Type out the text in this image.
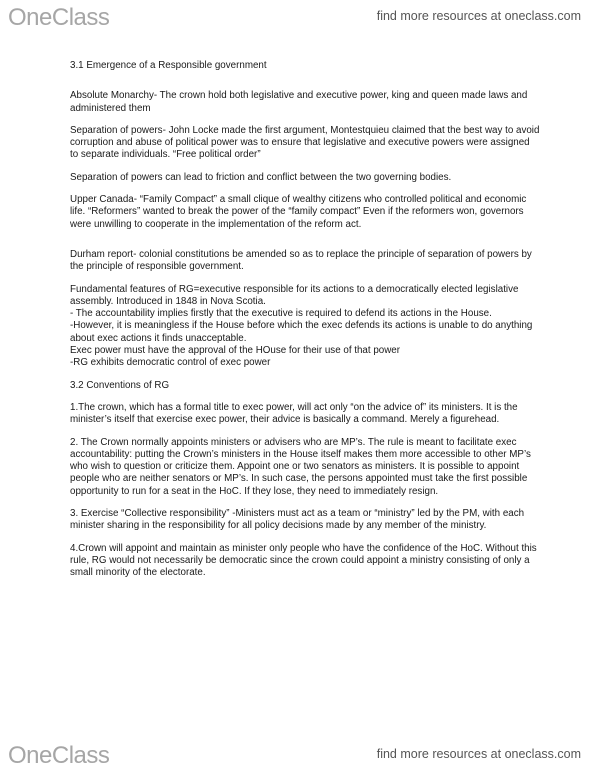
OneClass	find more resources at oneclass.com

3.1 Emergence of a Responsible government

Absolute Monarchy- The crown hold both legislative and executive power, king and queen made laws and administered them

Separation of powers- John Locke made the first argument, Montestquieu claimed that the best way to avoid corruption and abuse of political power was to ensure that legislative and executive powers were assigned to separate individuals. “Free political order”

Separation of powers can lead to friction and conflict between the two governing bodies.

Upper Canada- “Family Compact” a small clique of wealthy citizens who controlled political and economic life. “Reformers” wanted to break the power of the “family compact” Even if the reformers won, governors were unwilling to cooperate in the implementation of the reform act.

Durham report- colonial constitutions be amended so as to replace the principle of separation of powers by the principle of responsible government.

Fundamental features of RG=executive responsible for its actions to a democratically elected legislative assembly. Introduced in 1848 in Nova Scotia.

- The accountability implies firstly that the executive is required to defend its actions in the House.

-However, it is meaningless if the House before which the exec defends its actions is unable to do anything about exec actions it finds unacceptable.

Exec power must have the approval of the HOuse for their use of that power

-RG exhibits democratic control of exec power

3.2 Conventions of RG

1.The crown, which has a formal title to exec power, will act only “on the advice of” its ministers. It is the minister’s itself that exercise exec power, their advice is basically a command. Merely a figurehead.

2. The Crown normally appoints ministers or advisers who are MP’s. The rule is meant to facilitate exec accountability: putting the Crown’s ministers in the House itself makes them more accessible to other MP’s who wish to question or criticize them. Appoint one or two senators as ministers. It is possible to appoint people who are neither senators or MP’s. In such case, the persons appointed must take the first possible opportunity to run for a seat in the HoC. If they lose, they need to immediately resign.

3. Exercise “Collective responsibility” -Ministers must act as a team or “ministry” led by the PM, with each minister sharing in the responsibility for all policy decisions made by any member of the ministry.

4.Crown will appoint and maintain as minister only people who have the confidence of the HoC. Without this rule, RG would not necessarily be democratic since the crown could appoint a ministry consisting of only a small minority of the electorate.

OneClass	find more resources at oneclass.com
